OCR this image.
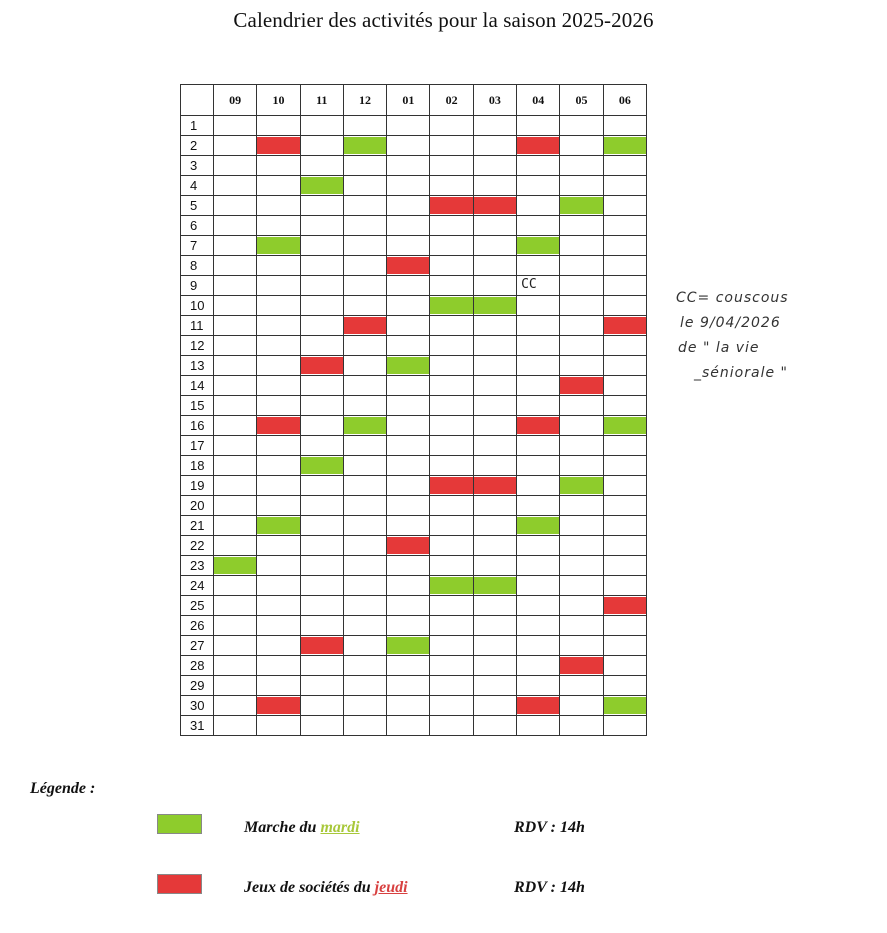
Calendrier des activités pour la saison 2025-2026
	09	10	11	12	01	02	03	04	05	06
1										
2		

3										
4			

5						

6										
7		

8					

9								CC		

10						

11				

12										
13			

14									

15										
16		

17										
18			

19						

20										
21		

22					

23	

24						

25										

26										
27			

28									

29										
30		

31										
CC= couscous
le 9/04/2026
de " la vie
_séniorale "
Légende :
Marche du mardi	RDV : 14h
Jeux de sociétés du jeudi	RDV : 14h
